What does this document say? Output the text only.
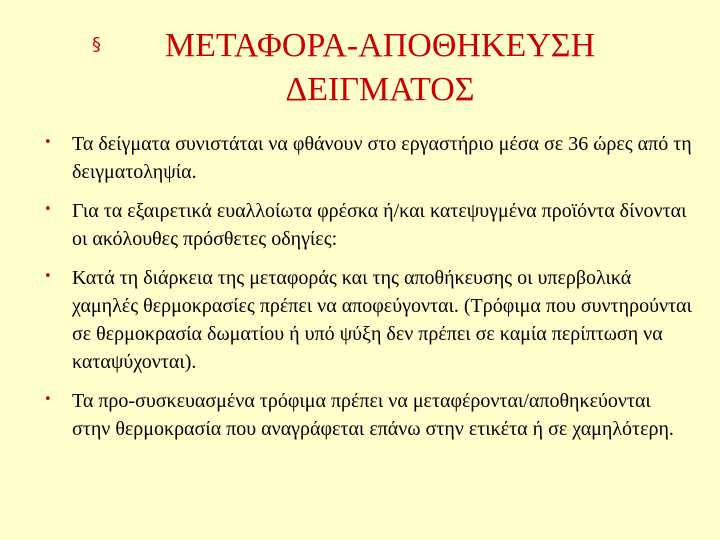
§	ΜΕΤΑΦΟΡΑ-ΑΠΟΘΗΚΕΥΣΗ
ΔΕΙΓΜΑΤΟΣ
• Τα δείγματα συνιστάται να φθάνουν στο εργαστήριο μέσα σε 36 ώρες από τη δειγματοληψία.
• Για τα εξαιρετικά ευαλλοίωτα φρέσκα ή/και κατεψυγμένα προϊόντα δίνονται οι ακόλουθες πρόσθετες οδηγίες:
• Κατά τη διάρκεια της μεταφοράς και της αποθήκευσης οι υπερβολικά χαμηλές θερμοκρασίες πρέπει να αποφεύγονται. (Τρόφιμα που συντηρούνται σε θερμοκρασία δωματίου ή υπό ψύξη δεν πρέπει σε καμία περίπτωση να καταψύχονται).
• Τα προ-συσκευασμένα τρόφιμα πρέπει να μεταφέρονται/αποθηκεύονται στην θερμοκρασία που αναγράφεται επάνω στην ετικέτα ή σε χαμηλότερη.
